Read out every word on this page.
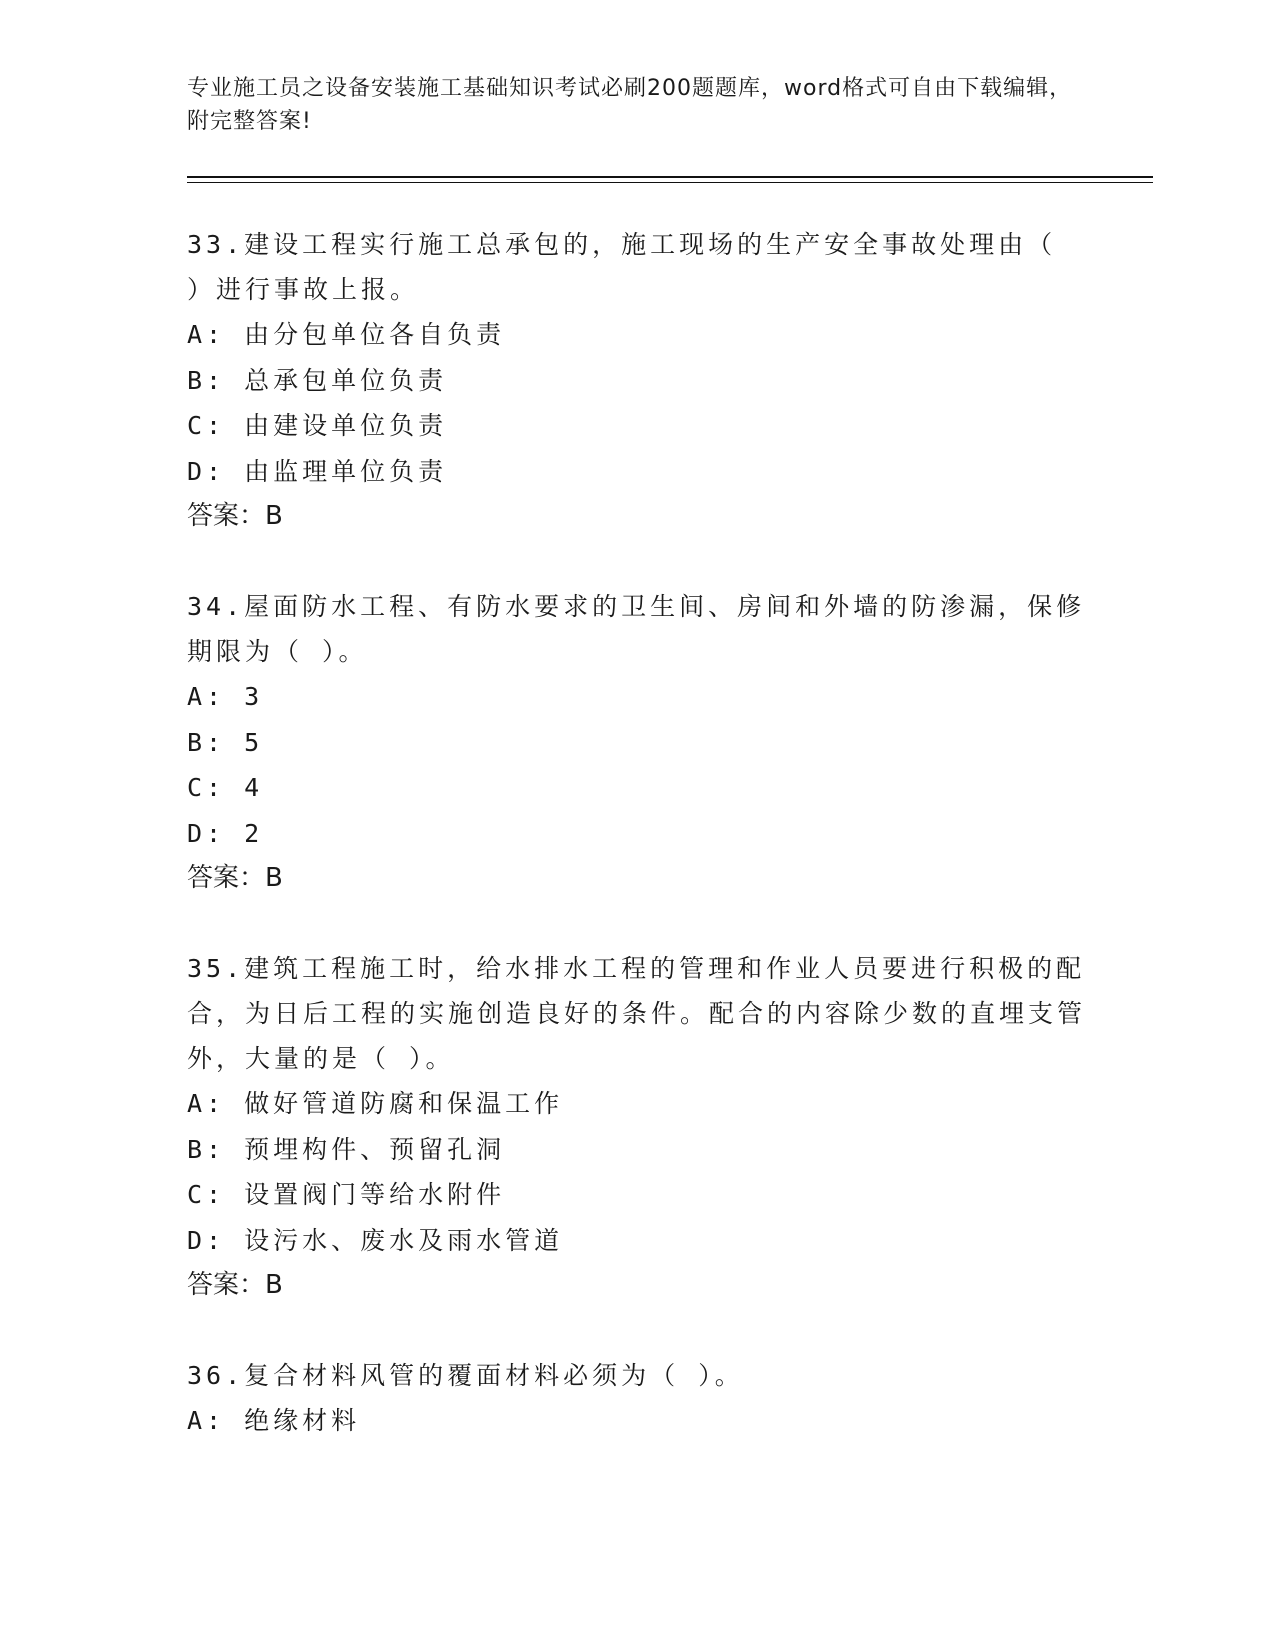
专业施工员之设备安装施工基础知识考试必刷200题题库，word格式可自由下载编辑，附完整答案!

33.建设工程实行施工总承包的，施工现场的生产安全事故处理由（ ）进行事故上报。

A: 由分包单位各自负责
B: 总承包单位负责
C: 由建设单位负责
D: 由监理单位负责
答案：B

34.屋面防水工程、有防水要求的卫生间、房间和外墙的防渗漏，保修期限为（ ）。

A: 3
B: 5
C: 4
D: 2
答案：B

35.建筑工程施工时，给水排水工程的管理和作业人员要进行积极的配合，为日后工程的实施创造良好的条件。配合的内容除少数的直埋支管外，大量的是（ ）。

A: 做好管道防腐和保温工作
B: 预埋构件、预留孔洞
C: 设置阀门等给水附件
D: 设污水、废水及雨水管道
答案：B

36.复合材料风管的覆面材料必须为（ ）。

A: 绝缘材料
